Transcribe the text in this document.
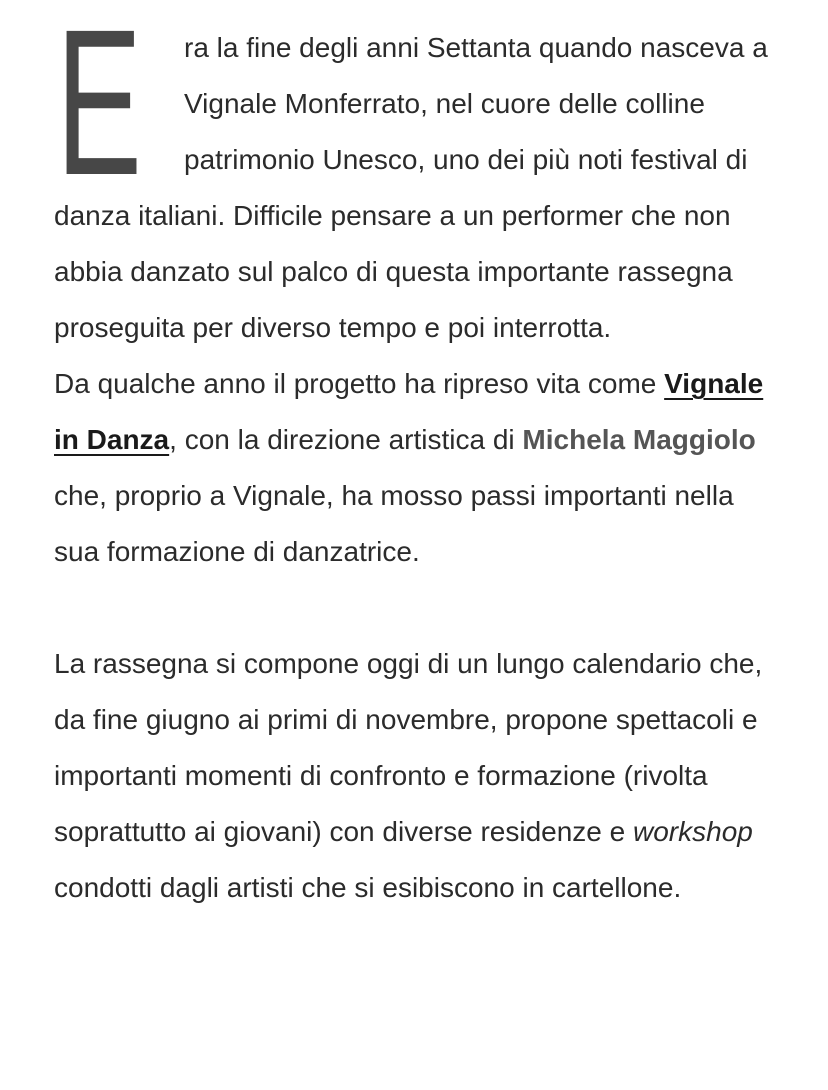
E ra la fine degli anni Settanta quando nasceva a Vignale Monferrato, nel cuore delle colline patrimonio Unesco, uno dei più noti festival di danza italiani. Difficile pensare a un performer che non abbia danzato sul palco di questa importante rassegna proseguita per diverso tempo e poi interrotta.

Da qualche anno il progetto ha ripreso vita come Vignale in Danza, con la direzione artistica di Michela Maggiolo che, proprio a Vignale, ha mosso passi importanti nella sua formazione di danzatrice.

La rassegna si compone oggi di un lungo calendario che, da fine giugno ai primi di novembre, propone spettacoli e importanti momenti di confronto e formazione (rivolta soprattutto ai giovani) con diverse residenze e workshop condotti dagli artisti che si esibiscono in cartellone.
